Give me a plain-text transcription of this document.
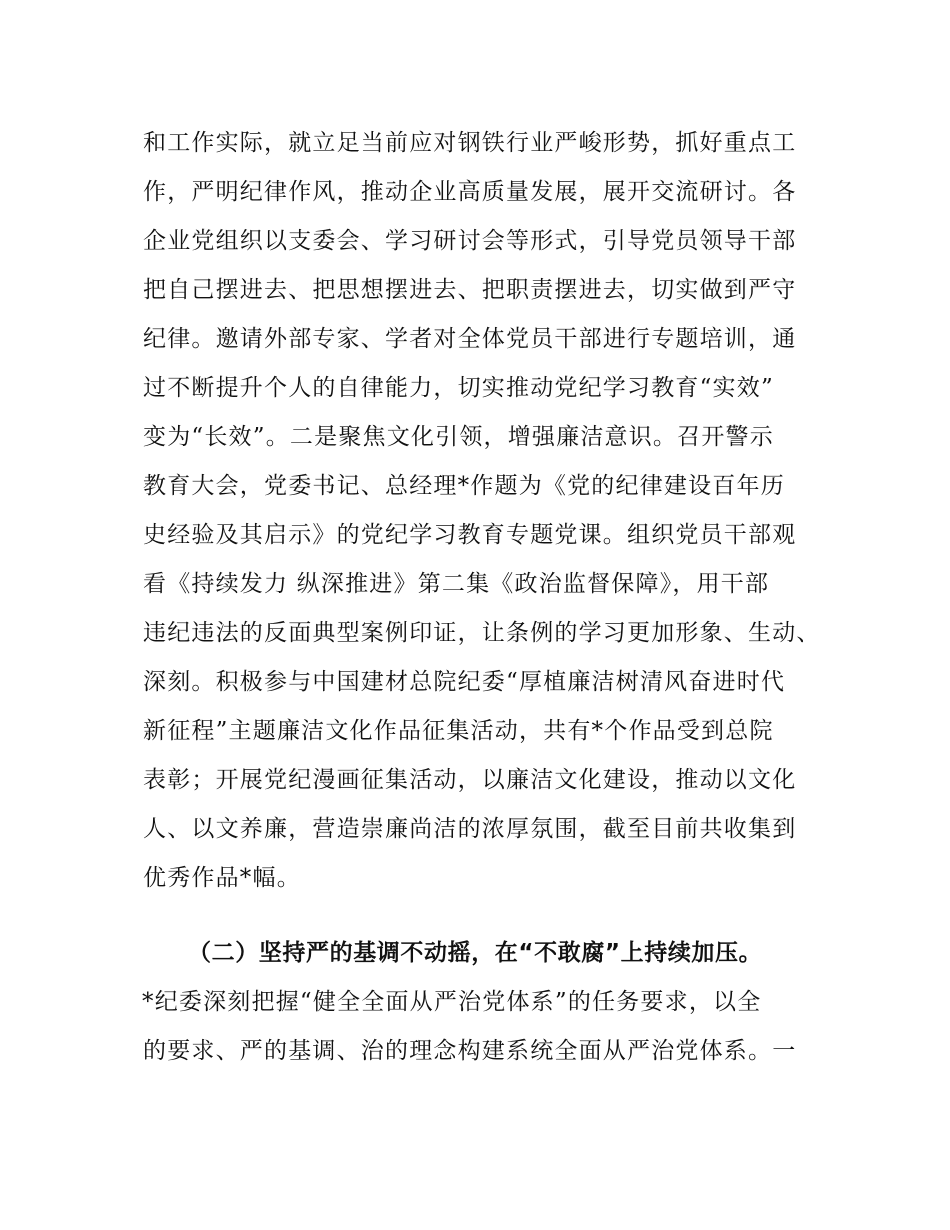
和工作实际，就立足当前应对钢铁行业严峻形势，抓好重点工
作，严明纪律作风，推动企业高质量发展，展开交流研讨。各
企业党组织以支委会、学习研讨会等形式，引导党员领导干部
把自己摆进去、把思想摆进去、把职责摆进去，切实做到严守
纪律。邀请外部专家、学者对全体党员干部进行专题培训，通
过不断提升个人的自律能力，切实推动党纪学习教育“实效”
变为“长效”。二是聚焦文化引领，增强廉洁意识。召开警示
教育大会，党委书记、总经理*作题为《党的纪律建设百年历
史经验及其启示》的党纪学习教育专题党课。组织党员干部观
看《持续发力 纵深推进》第二集《政治监督保障》，用干部
违纪违法的反面典型案例印证，让条例的学习更加形象、生动、
深刻。积极参与中国建材总院纪委“厚植廉洁树清风奋进时代
新征程”主题廉洁文化作品征集活动，共有*个作品受到总院
表彰；开展党纪漫画征集活动，以廉洁文化建设，推动以文化
人、以文养廉，营造崇廉尚洁的浓厚氛围，截至目前共收集到
优秀作品*幅。
（二）坚持严的基调不动摇，在“不敢腐”上持续加压。
*纪委深刻把握“健全全面从严治党体系”的任务要求，以全
的要求、严的基调、治的理念构建系统全面从严治党体系。一
